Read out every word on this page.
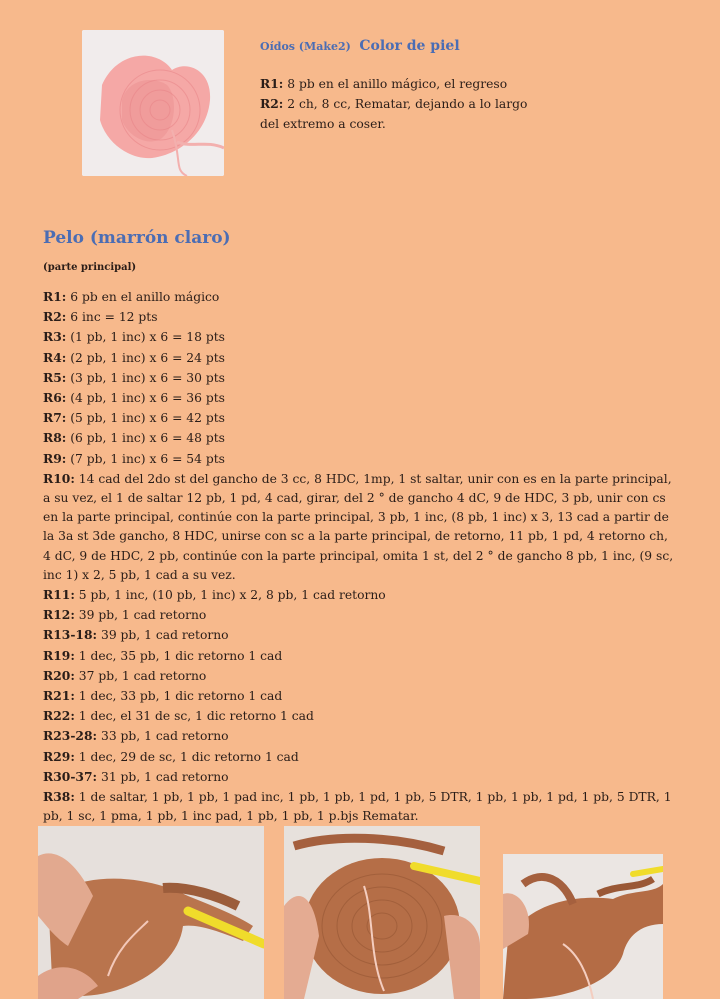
Oídos (Make2) Color de piel
R1: 8 pb en el anillo mágico, el regreso
R2: 2 ch, 8 cc, Rematar, dejando a lo largo
del extremo a coser.
Pelo (marrón claro)
(parte principal)
R1: 6 pb en el anillo mágico
R2: 6 inc = 12 pts
R3: (1 pb, 1 inc) x 6 = 18 pts
R4: (2 pb, 1 inc) x 6 = 24 pts
R5: (3 pb, 1 inc) x 6 = 30 pts
R6: (4 pb, 1 inc) x 6 = 36 pts
R7: (5 pb, 1 inc) x 6 = 42 pts
R8: (6 pb, 1 inc) x 6 = 48 pts
R9: (7 pb, 1 inc) x 6 = 54 pts
R10: 14 cad del 2do st del gancho de 3 cc, 8 HDC, 1mp, 1 st saltar, unir con es en la parte principal, a su vez, el 1 de saltar 12 pb, 1 pd, 4 cad, girar, del 2 ° de gancho 4 dC, 9 de HDC, 3 pb, unir con cs en la parte principal, continúe con la parte principal, 3 pb, 1 inc, (8 pb, 1 inc) x 3, 13 cad a partir de la 3a st 3de gancho, 8 HDC, unirse con sc a la parte principal, de retorno, 11 pb, 1 pd, 4 retorno ch, 4 dC, 9 de HDC, 2 pb, continúe con la parte principal, omita 1 st, del 2 ° de gancho 8 pb, 1 inc, (9 sc, inc 1) x 2, 5 pb, 1 cad a su vez.
R11: 5 pb, 1 inc, (10 pb, 1 inc) x 2, 8 pb, 1 cad retorno
R12: 39 pb, 1 cad retorno
R13-18: 39 pb, 1 cad retorno
R19: 1 dec, 35 pb, 1 dic retorno 1 cad
R20: 37 pb, 1 cad retorno
R21: 1 dec, 33 pb, 1 dic retorno 1 cad
R22: 1 dec, el 31 de sc, 1 dic retorno 1 cad
R23-28: 33 pb, 1 cad retorno
R29: 1 dec, 29 de sc, 1 dic retorno 1 cad
R30-37: 31 pb, 1 cad retorno
R38: 1 de saltar, 1 pb, 1 pb, 1 pad inc, 1 pb, 1 pb, 1 pd, 1 pb, 5 DTR, 1 pb, 1 pb, 1 pd, 1 pb, 5 DTR, 1 pb, 1 sc, 1 pma, 1 pb, 1 inc pad, 1 pb, 1 pb, 1 p.bjs Rematar.
